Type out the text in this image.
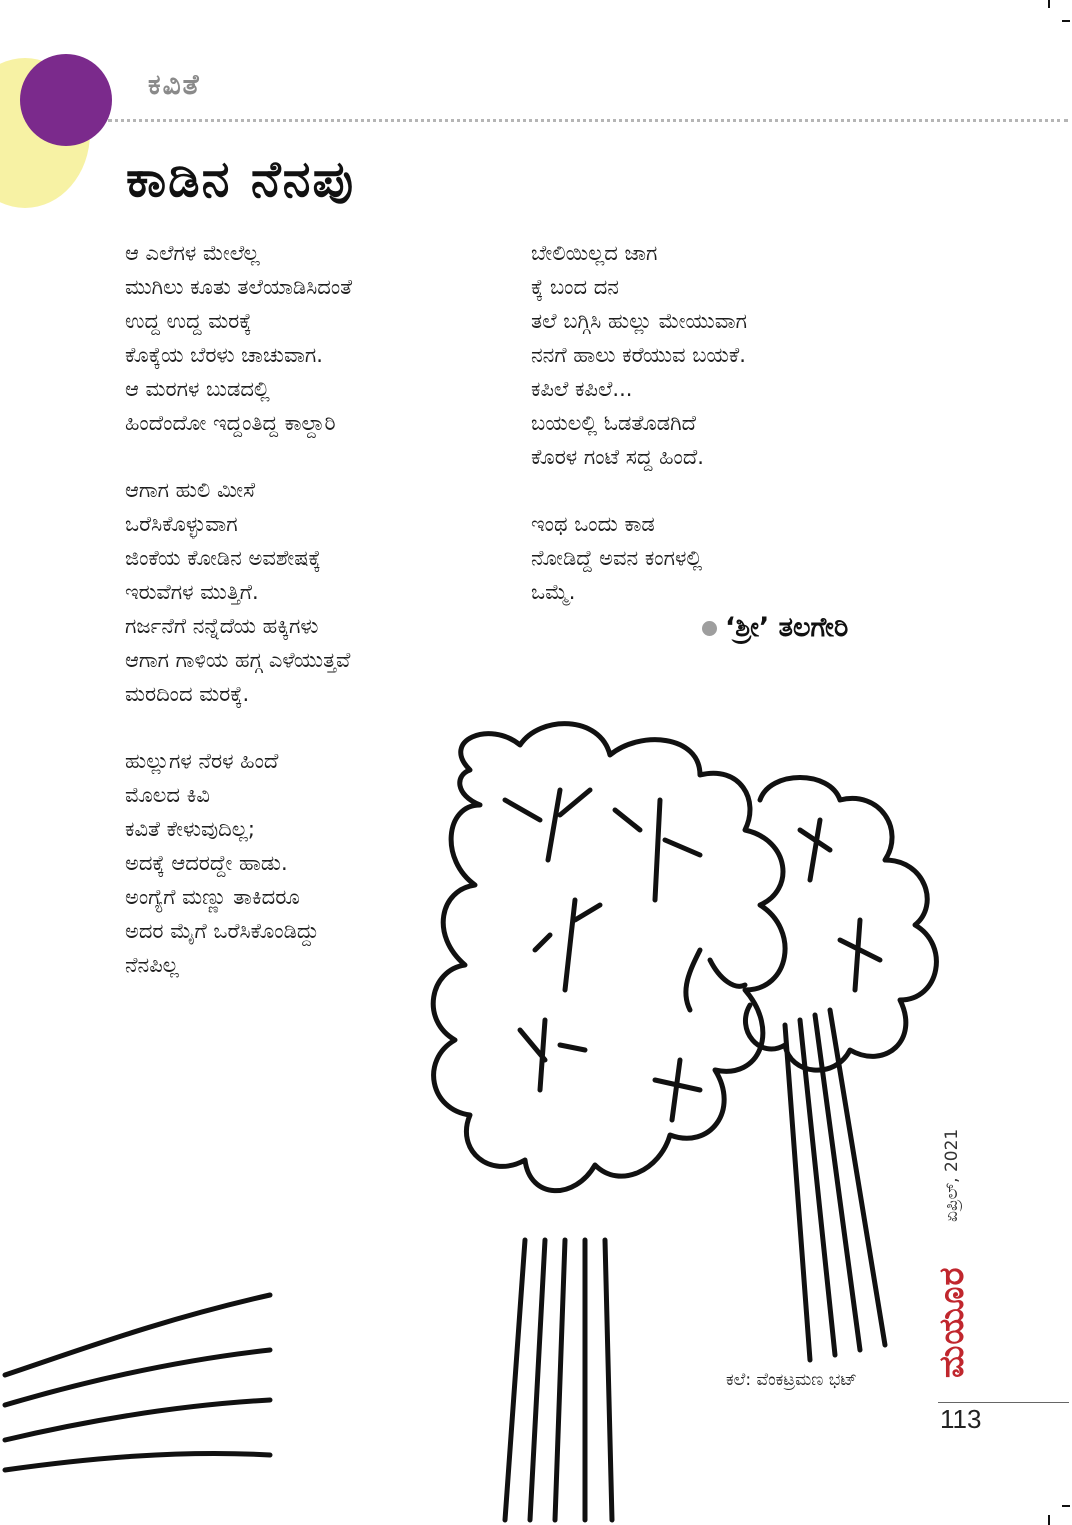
ಕವಿತೆ
ಕಾಡಿನ ನೆನಪು
ಆ ಎಲೆಗಳ ಮೇಲೆಲ್ಲ
ಮುಗಿಲು ಕೂತು ತಲೆಯಾಡಿಸಿದಂತೆ
ಉದ್ದ ಉದ್ದ ಮರಕ್ಕೆ
ಕೊಕ್ಕೆಯ ಬೆರಳು ಚಾಚುವಾಗ.
ಆ ಮರಗಳ ಬುಡದಲ್ಲಿ
ಹಿಂದೆಂದೋ ಇದ್ದಂತಿದ್ದ ಕಾಲ್ದಾರಿ
ಆಗಾಗ ಹುಲಿ ಮೀಸೆ
ಒರೆಸಿಕೊಳ್ಳುವಾಗ
ಜಿಂಕೆಯ ಕೋಡಿನ ಅವಶೇಷಕ್ಕೆ
ಇರುವೆಗಳ ಮುತ್ತಿಗೆ.
ಗರ್ಜನೆಗೆ ನನ್ನೆದೆಯ ಹಕ್ಕಿಗಳು
ಆಗಾಗ ಗಾಳಿಯ ಹಗ್ಗ ಎಳೆಯುತ್ತವೆ
ಮರದಿಂದ ಮರಕ್ಕೆ.
ಹುಲ್ಲುಗಳ ನೆರಳ ಹಿಂದೆ
ಮೊಲದ ಕಿವಿ
ಕವಿತೆ ಕೇಳುವುದಿಲ್ಲ;
ಅದಕ್ಕೆ ಆದರದ್ದೇ ಹಾಡು.
ಅಂಗ್ಯೆಗೆ ಮಣ್ಣು ತಾಕಿದರೂ
ಅದರ ಮೈಗೆ ಒರೆಸಿಕೊಂಡಿದ್ದು
ನೆನಪಿಲ್ಲ
ಬೇಲಿಯಿಲ್ಲದ ಜಾಗ
ಕ್ಕೆ ಬಂದ ದನ
ತಲೆ ಬಗ್ಗಿಸಿ ಹುಲ್ಲು ಮೇಯುವಾಗ
ನನಗೆ ಹಾಲು ಕರೆಯುವ ಬಯಕೆ.
ಕಪಿಲೆ ಕಪಿಲೆ...
ಬಯಲಲ್ಲಿ ಓಡತೊಡಗಿದೆ
ಕೊರಳ ಗಂಟೆ ಸದ್ದ ಹಿಂದೆ.
ಇಂಥ ಒಂದು ಕಾಡ
ನೋಡಿದ್ದೆ ಅವನ ಕಂಗಳಲ್ಲಿ
ಒಮ್ಮೆ.
‘ಶ್ರೀ’ ತಲಗೇರಿ
ಕಲೆ: ವೆಂಕಟ್ರಮಣ ಭಟ್
ಏಪ್ರಿಲ್, 2021
ಮಯೂರ
113
